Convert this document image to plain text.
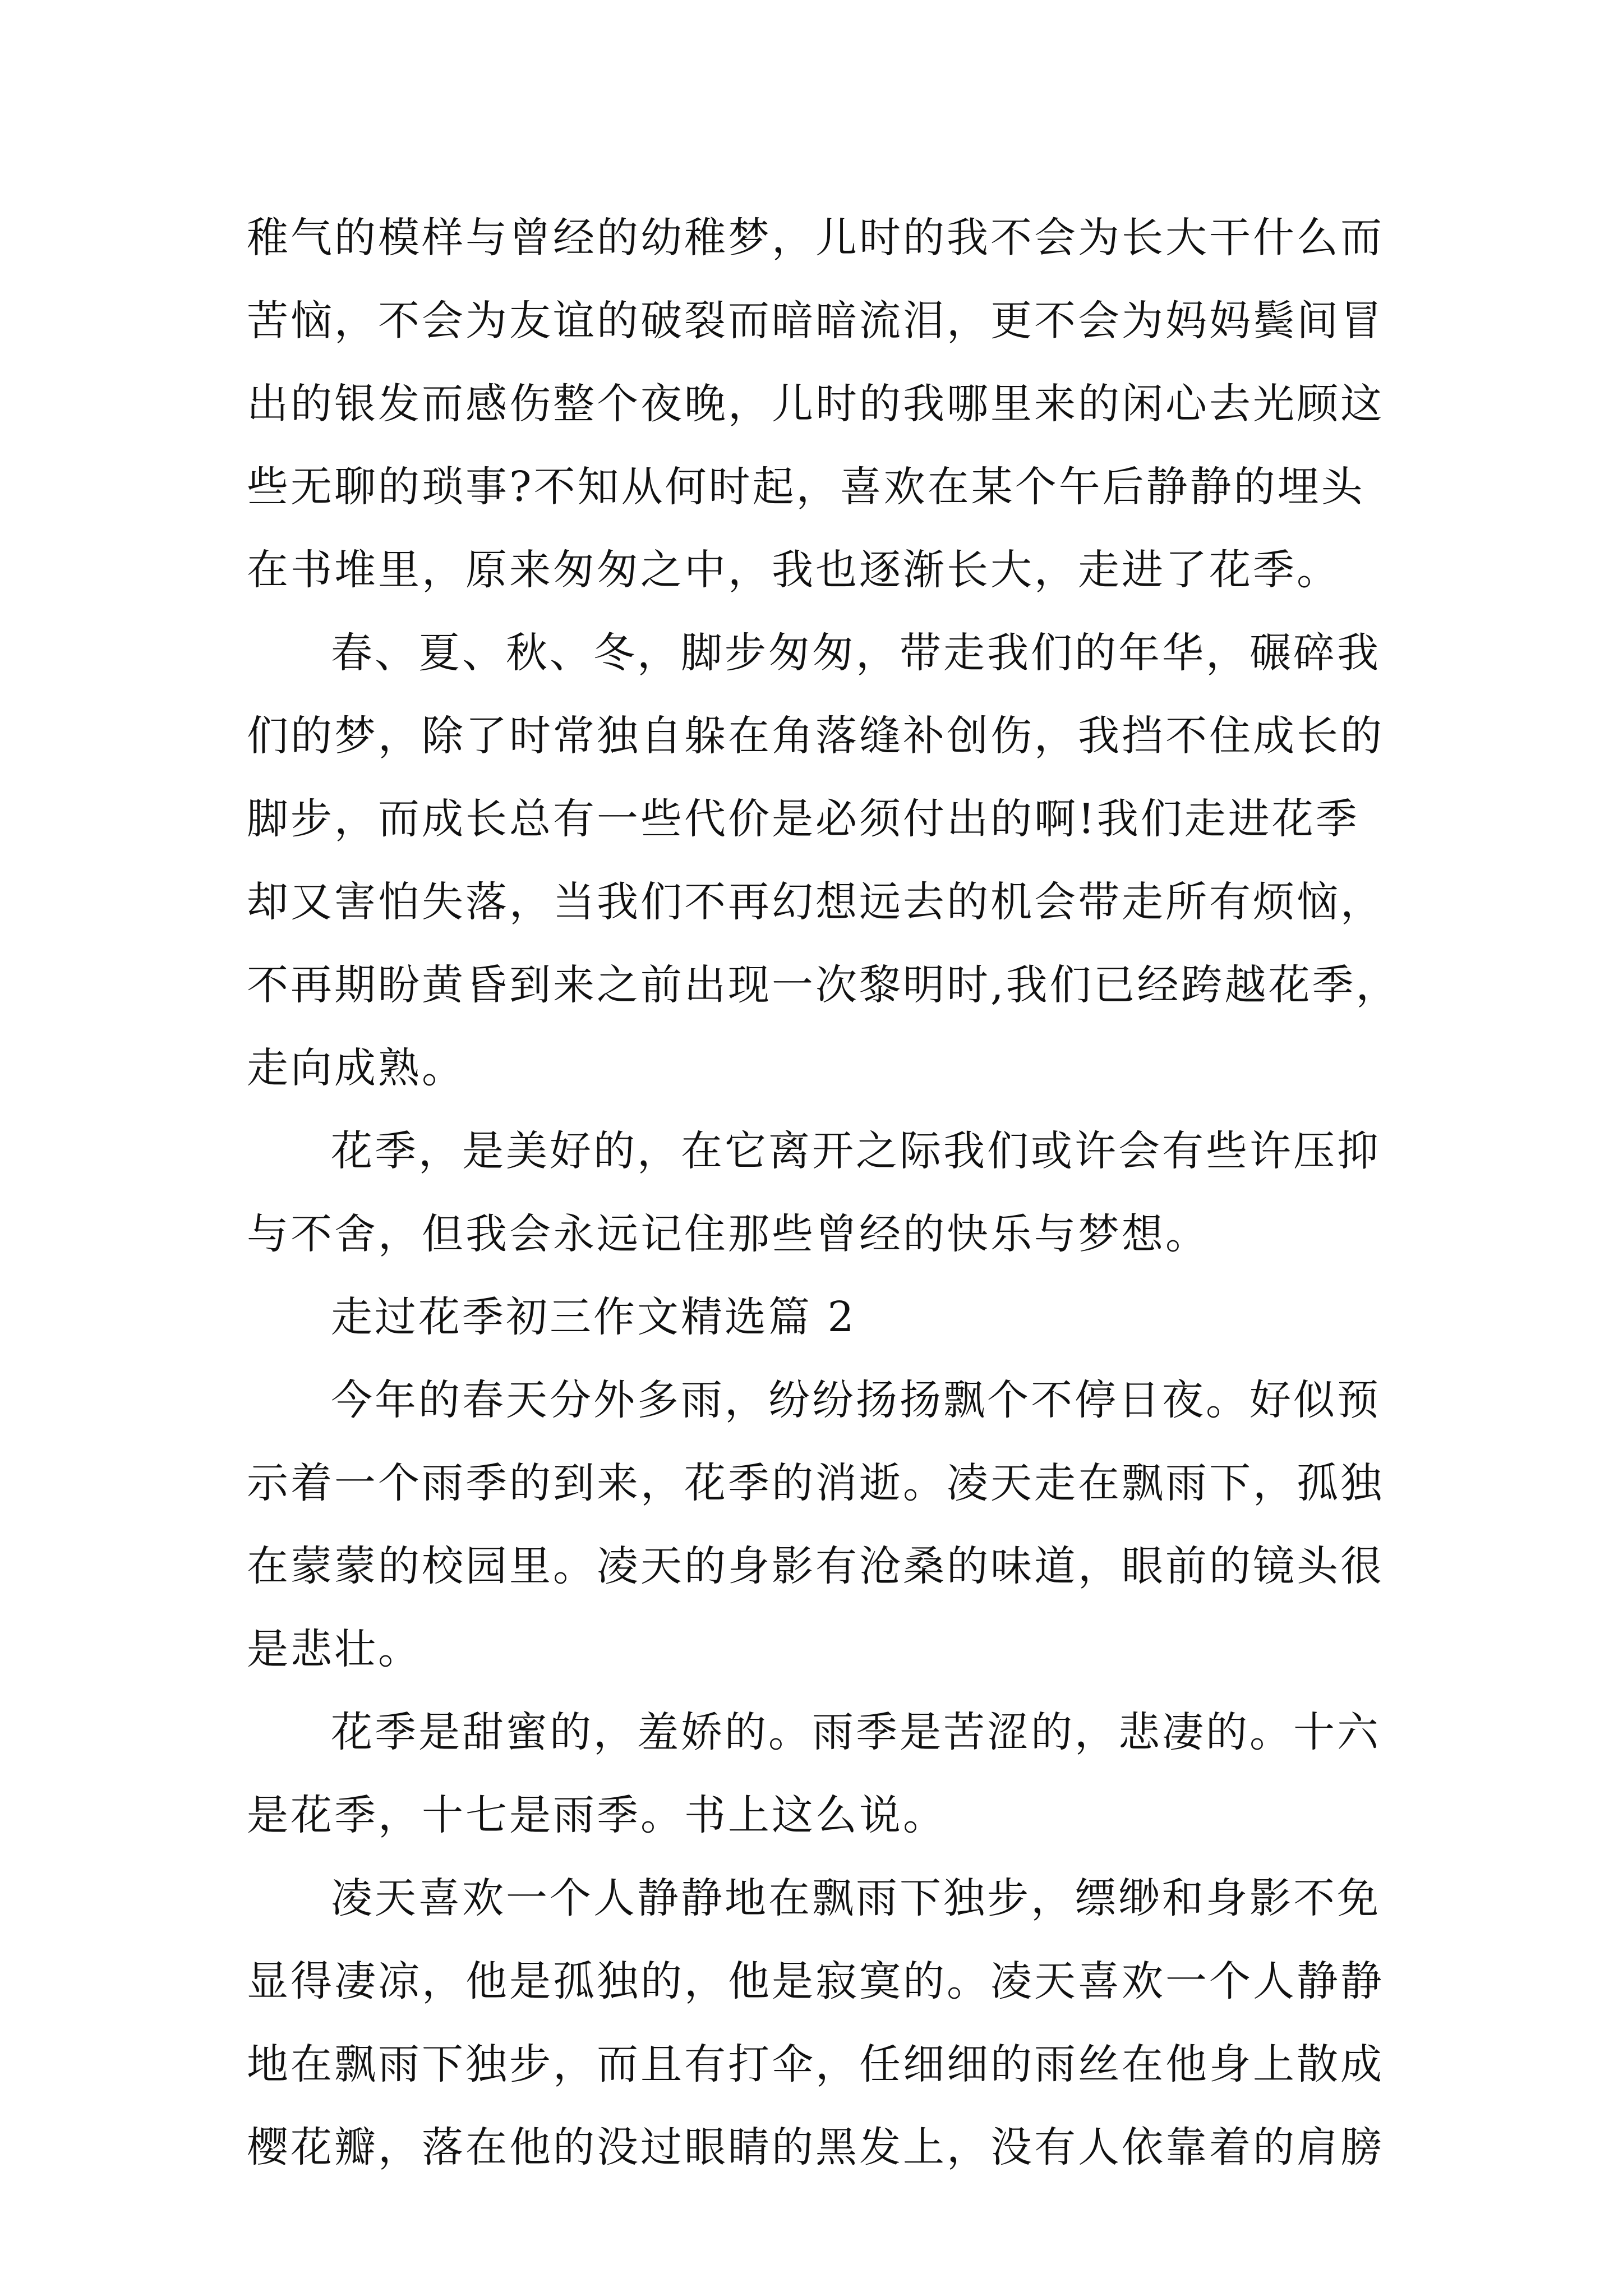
稚气的模样与曾经的幼稚梦，儿时的我不会为长大干什么而
苦恼，不会为友谊的破裂而暗暗流泪，更不会为妈妈鬓间冒
出的银发而感伤整个夜晚，儿时的我哪里来的闲心去光顾这
些无聊的琐事?不知从何时起，喜欢在某个午后静静的埋头
在书堆里，原来匆匆之中，我也逐渐长大，走进了花季。
春、夏、秋、冬，脚步匆匆，带走我们的年华，碾碎我
们的梦，除了时常独自躲在角落缝补创伤，我挡不住成长的
脚步，而成长总有一些代价是必须付出的啊!我们走进花季
却又害怕失落，当我们不再幻想远去的机会带走所有烦恼，
不再期盼黄昏到来之前出现一次黎明时,我们已经跨越花季，
走向成熟。
花季，是美好的，在它离开之际我们或许会有些许压抑
与不舍，但我会永远记住那些曾经的快乐与梦想。
走过花季初三作文精选篇 2
今年的春天分外多雨，纷纷扬扬飘个不停日夜。好似预
示着一个雨季的到来，花季的消逝。凌天走在飘雨下，孤独
在蒙蒙的校园里。凌天的身影有沧桑的味道，眼前的镜头很
是悲壮。
花季是甜蜜的，羞娇的。雨季是苦涩的，悲凄的。十六
是花季，十七是雨季。书上这么说。
凌天喜欢一个人静静地在飘雨下独步，缥缈和身影不免
显得凄凉，他是孤独的，他是寂寞的。凌天喜欢一个人静静
地在飘雨下独步，而且有打伞，任细细的雨丝在他身上散成
樱花瓣，落在他的没过眼睛的黑发上，没有人依靠着的肩膀
